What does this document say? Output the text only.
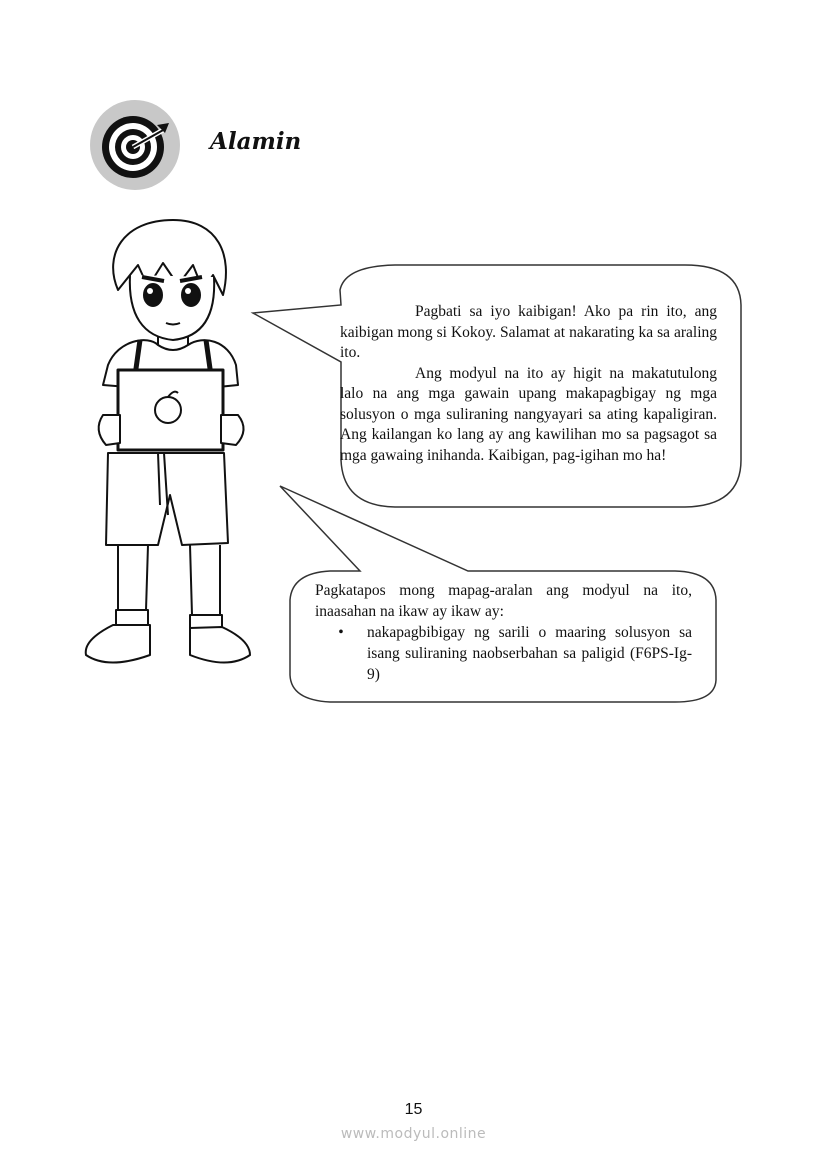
Alamin
Pagbati sa iyo kaibigan! Ako pa rin ito, ang kaibigan mong si Kokoy. Salamat at nakarating ka sa araling ito.
Ang modyul na ito ay higit na makatutulong lalo na ang mga gawain upang makapagbigay ng mga solusyon o mga suliraning nangyayari sa ating kapaligiran. Ang kailangan ko lang ay ang kawilihan mo sa pagsagot sa mga gawaing inihanda. Kaibigan, pag-igihan mo ha!
Pagkatapos mong mapag-aralan ang modyul na ito, inaasahan na ikaw ay ikaw ay:
•	nakapagbibigay ng sarili o maaring solusyon sa isang suliraning naobserbahan sa paligid (F6PS-Ig-9)
15
www.modyul.online
